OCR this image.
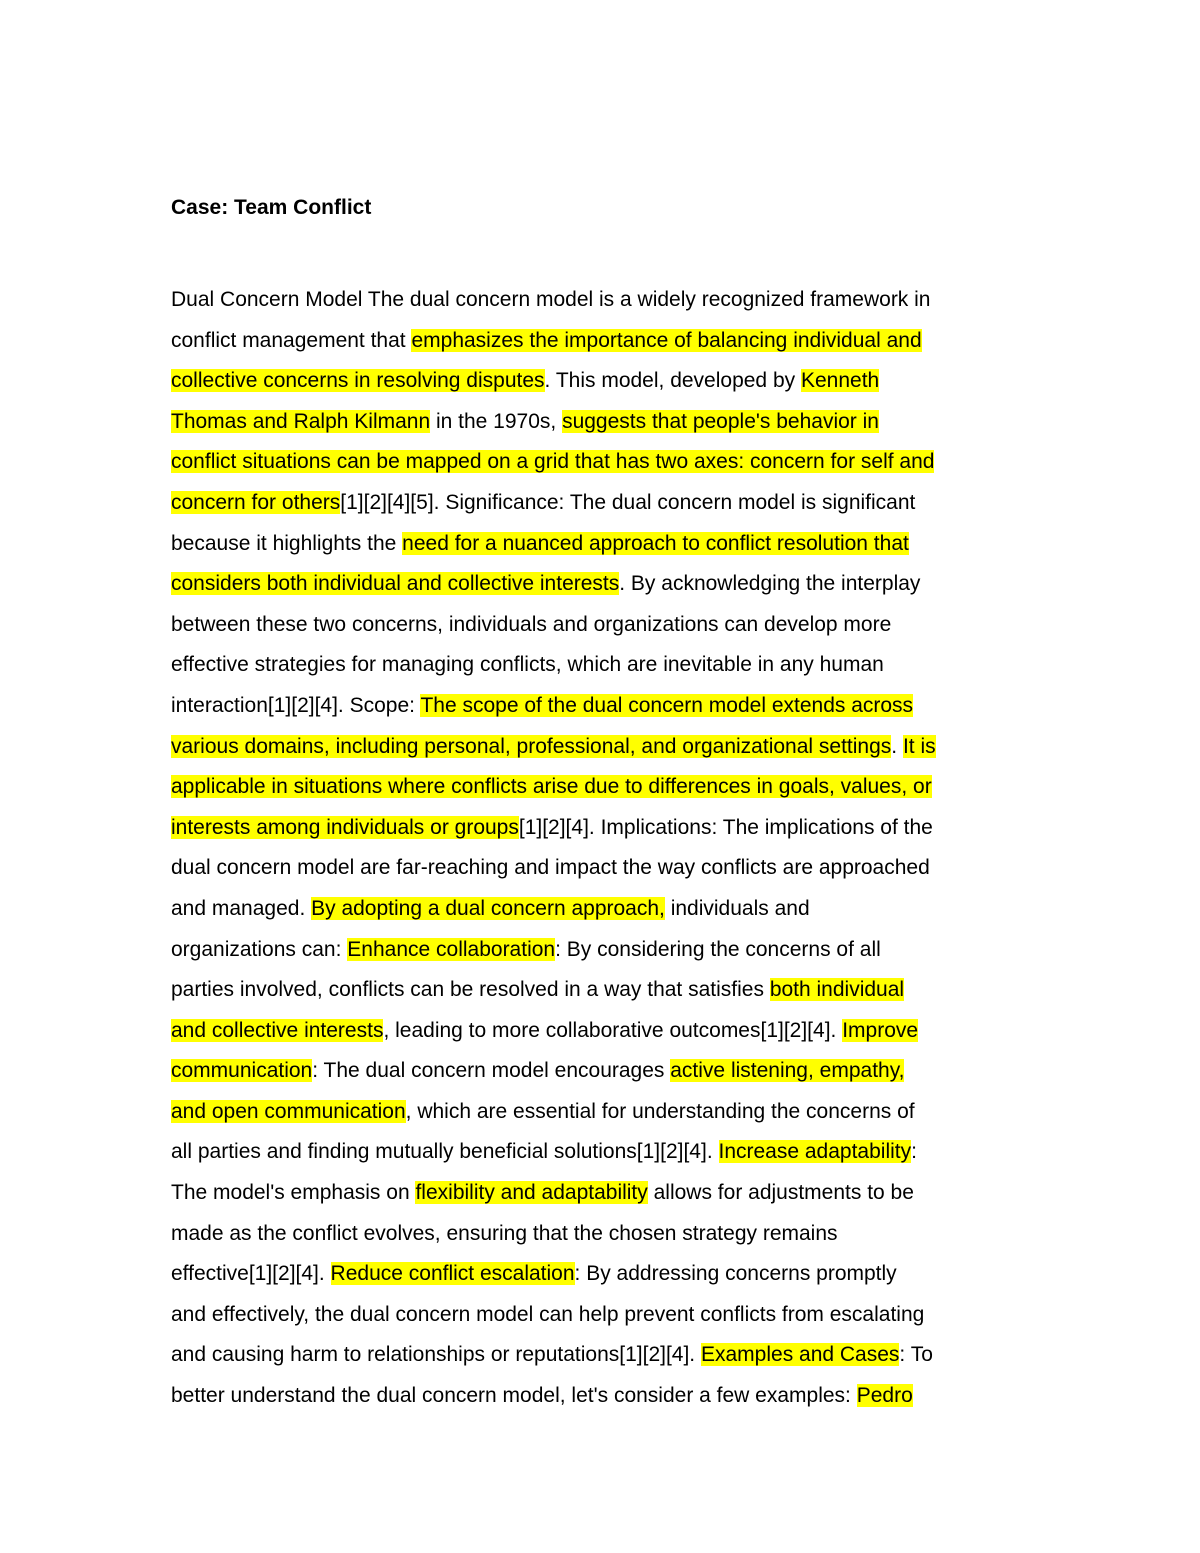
Case: Team Conflict

Dual Concern Model The dual concern model is a widely recognized framework in
conflict management that emphasizes the importance of balancing individual and
collective concerns in resolving disputes. This model, developed by Kenneth
Thomas and Ralph Kilmann in the 1970s, suggests that people's behavior in
conflict situations can be mapped on a grid that has two axes: concern for self and
concern for others[1][2][4][5]. Significance: The dual concern model is significant
because it highlights the need for a nuanced approach to conflict resolution that
considers both individual and collective interests. By acknowledging the interplay
between these two concerns, individuals and organizations can develop more
effective strategies for managing conflicts, which are inevitable in any human
interaction[1][2][4]. Scope: The scope of the dual concern model extends across
various domains, including personal, professional, and organizational settings. It is
applicable in situations where conflicts arise due to differences in goals, values, or
interests among individuals or groups[1][2][4]. Implications: The implications of the
dual concern model are far-reaching and impact the way conflicts are approached
and managed. By adopting a dual concern approach, individuals and
organizations can: Enhance collaboration: By considering the concerns of all
parties involved, conflicts can be resolved in a way that satisfies both individual
and collective interests, leading to more collaborative outcomes[1][2][4]. Improve
communication: The dual concern model encourages active listening, empathy,
and open communication, which are essential for understanding the concerns of
all parties and finding mutually beneficial solutions[1][2][4]. Increase adaptability:
The model's emphasis on flexibility and adaptability allows for adjustments to be
made as the conflict evolves, ensuring that the chosen strategy remains
effective[1][2][4]. Reduce conflict escalation: By addressing concerns promptly
and effectively, the dual concern model can help prevent conflicts from escalating
and causing harm to relationships or reputations[1][2][4]. Examples and Cases: To
better understand the dual concern model, let's consider a few examples: Pedro
